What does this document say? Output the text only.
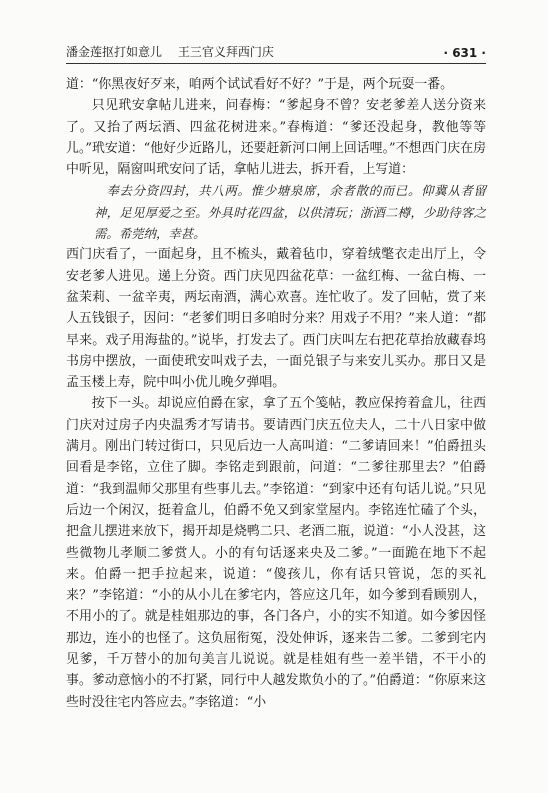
潘金莲抠打如意儿 王三官义拜西门庆	· 631 ·

道：“你黑夜好歹来，咱两个试试看好不好？”于是，两个玩耍一番。

只见玳安拿帖儿进来，问春梅：“爹起身不曾？安老爹差人送分资来了。又抬了两坛酒、四盆花树进来。”春梅道：“爹还没起身，教他等等儿。”玳安道：“他好少近路儿，还要赶新河口闸上回话哩。”不想西门庆在房中听见，隔窗叫玳安问了话，拿帖儿进去，拆开看，上写道：

奉去分资四封，共八两。惟少塘泉席，余者散的而已。仰冀从者留神，足见厚爱之至。外具时花四盆，以供清玩；浙酒二樽，少助待客之需。希莞纳，幸甚。

西门庆看了，一面起身，且不梳头，戴着毡巾，穿着绒氅衣走出厅上，令安老爹人进见。递上分资。西门庆见四盆花草：一盆红梅、一盆白梅、一盆茉莉、一盆辛夷，两坛南酒，满心欢喜。连忙收了。发了回帖，赏了来人五钱银子，因问：“老爹们明日多咱时分来？用戏子不用？”来人道：“都早来。戏子用海盐的。”说毕，打发去了。西门庆叫左右把花草抬放藏春坞书房中摆放，一面使玳安叫戏子去，一面兑银子与来安儿买办。那日又是孟玉楼上寿，院中叫小优儿晚夕弹唱。

按下一头。却说应伯爵在家，拿了五个笺帖，教应保挎着盒儿，往西门庆对过房子内央温秀才写请书。要请西门庆五位夫人，二十八日家中做满月。刚出门转过街口，只见后边一人高叫道：“二爹请回来！”伯爵扭头回看是李铭，立住了脚。李铭走到跟前，问道：“二爹往那里去？”伯爵道：“我到温师父那里有些事儿去。”李铭道：“到家中还有句话儿说。”只见后边一个闲汉，挺着盒儿，伯爵不免又到家堂屋内。李铭连忙磕了个头，把盒儿摆进来放下，揭开却是烧鸭二只、老酒二瓶，说道：“小人没甚，这些微物儿孝顺二爹赏人。小的有句话逐来央及二爹。”一面跪在地下不起来。伯爵一把手拉起来，说道：“傻孩儿，你有话只管说，怎的买礼来？”李铭道：“小的从小儿在爹宅内，答应这几年，如今爹到看顾别人，不用小的了。就是桂姐那边的事，各门各户，小的实不知道。如今爹因怪那边，连小的也怪了。这负屈衔冤，没处伸诉，逐来告二爹。二爹到宅内见爹，千万替小的加句美言儿说说。就是桂姐有些一差半错，不干小的事。爹动意恼小的不打紧，同行中人越发欺负小的了。”伯爵道：“你原来这些时没往宅内答应去。”李铭道：“小
